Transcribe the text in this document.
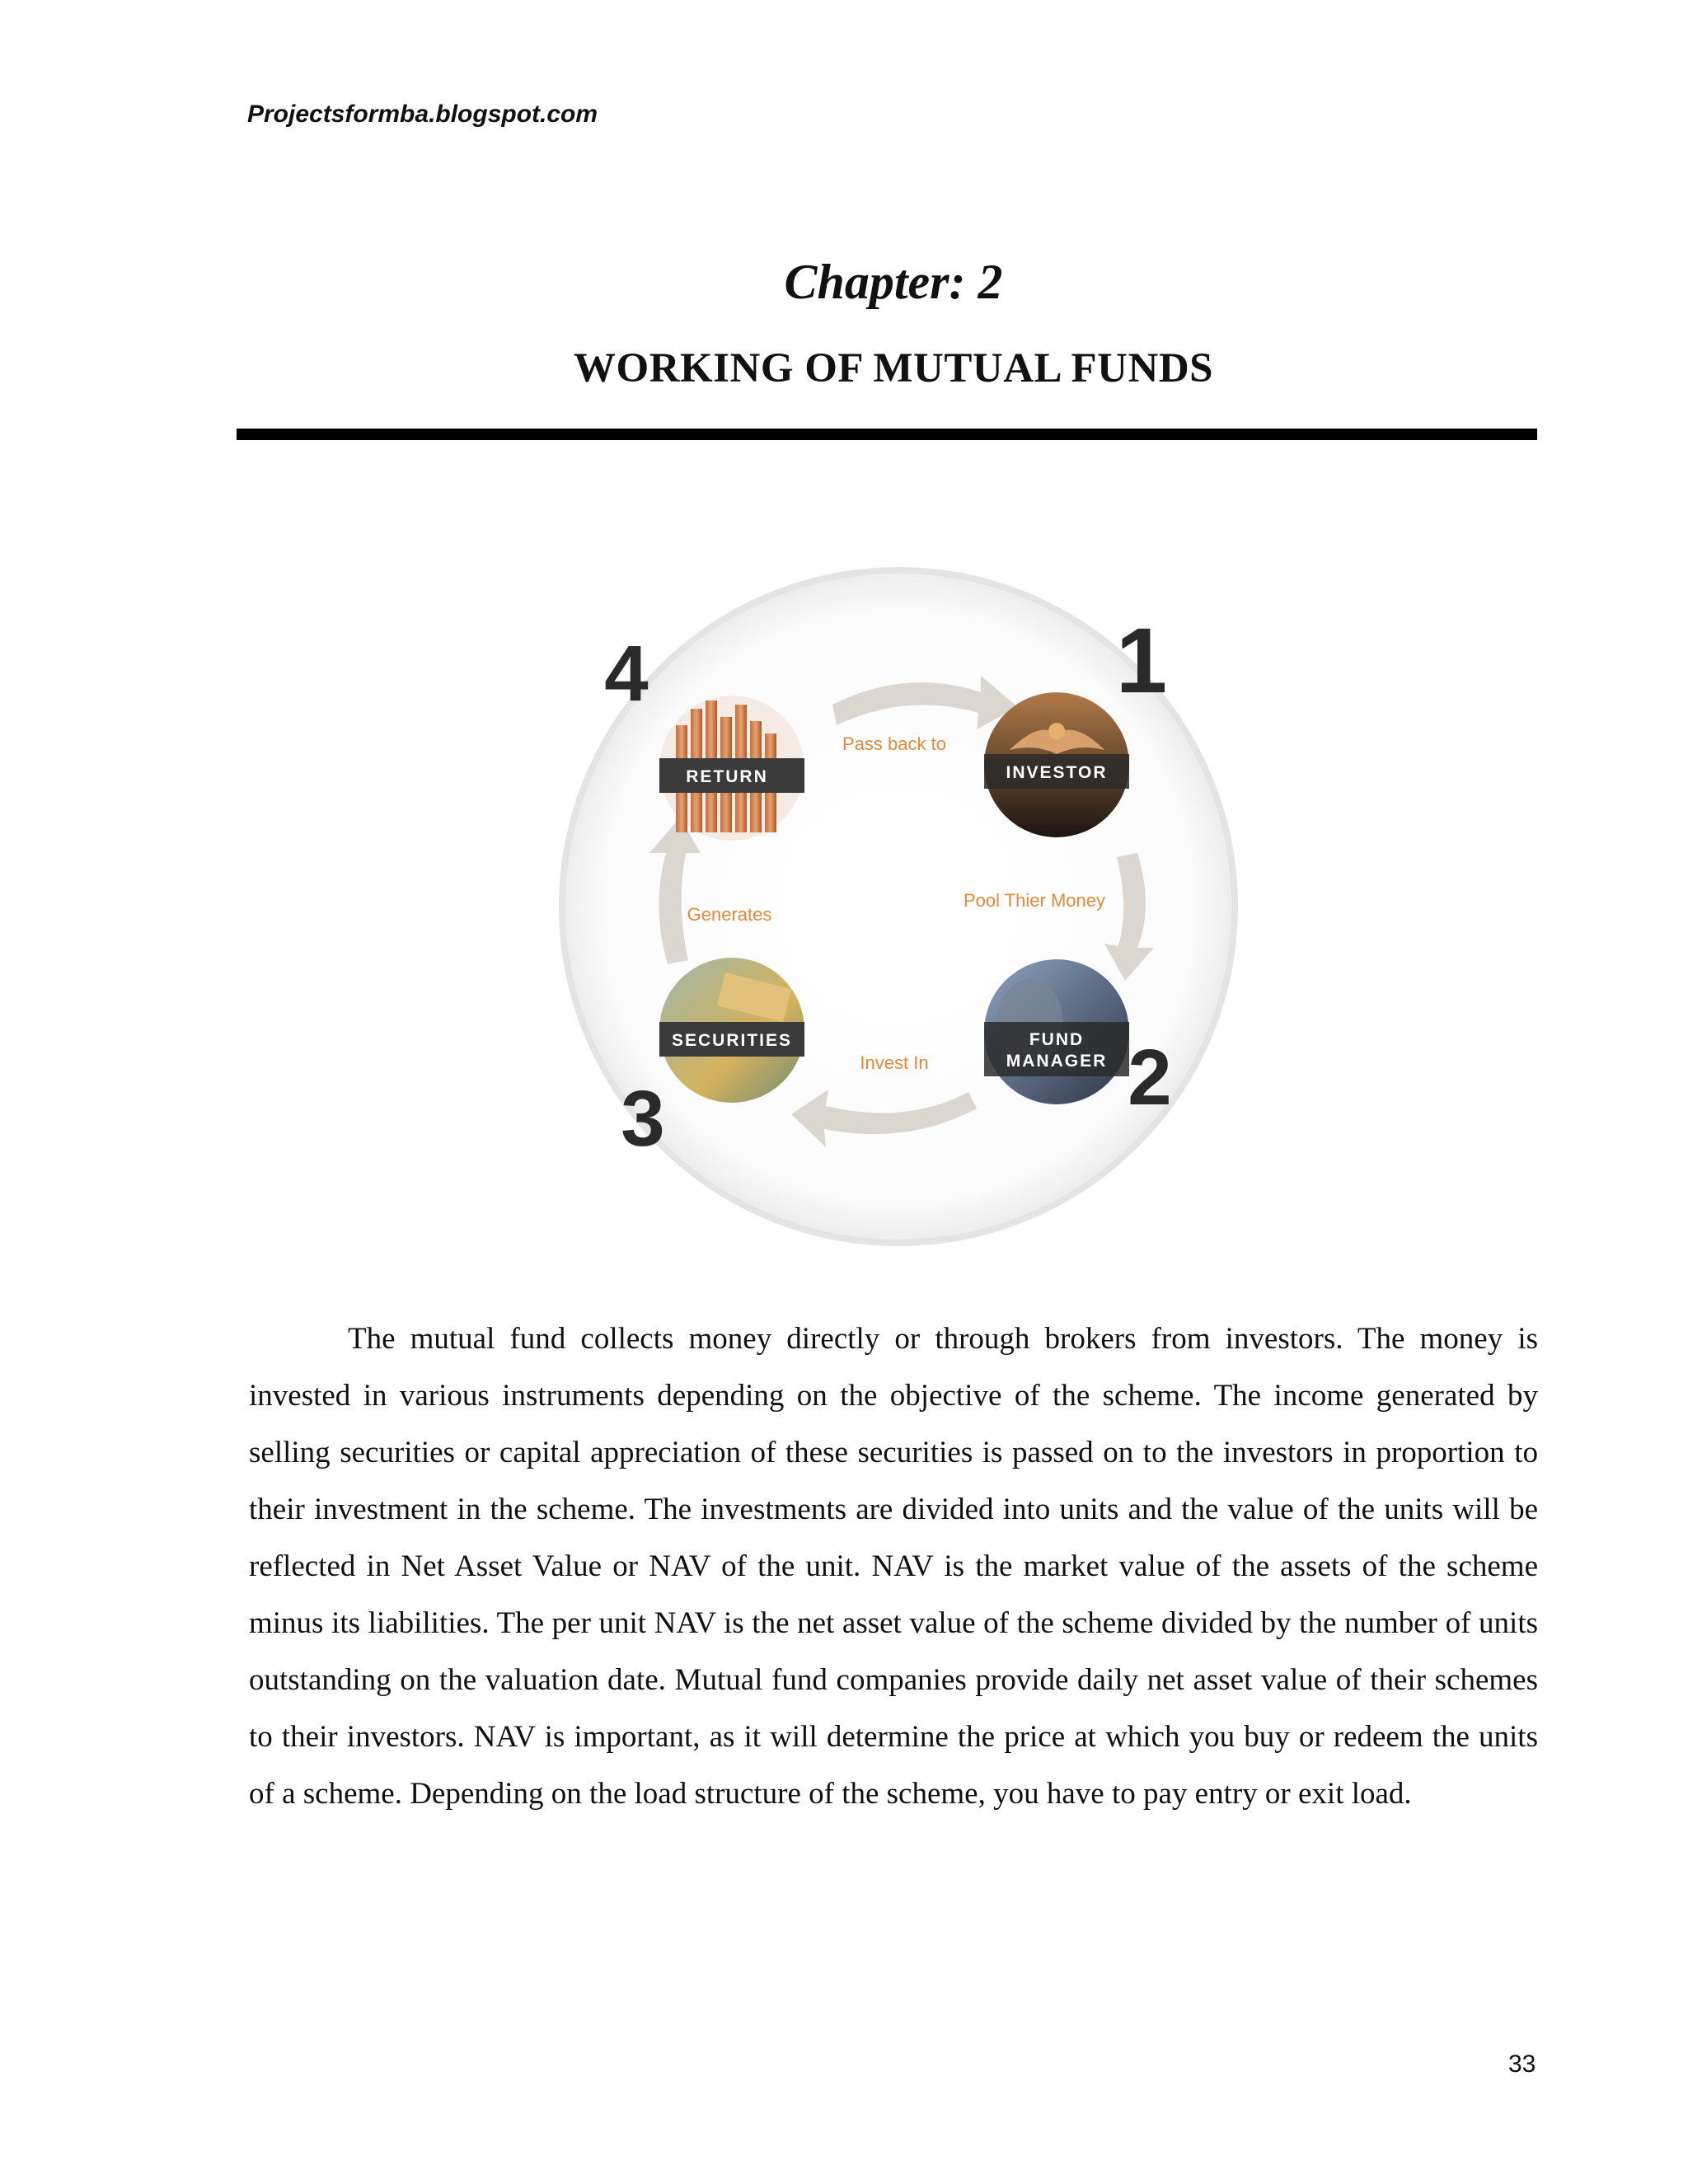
Projectsformba.blogspot.com
Chapter: 2
WORKING OF MUTUAL FUNDS
Pass back to
Pool Thier Money
Invest In
Generates
RETURN
4
INVESTOR
1
FUND
MANAGER 2
SECURITIES
3

The mutual fund collects money directly or through brokers from investors. The money is invested in various instruments depending on the objective of the scheme. The income generated by selling securities or capital appreciation of these securities is passed on to the investors in proportion to their investment in the scheme. The investments are divided into units and the value of the units will be reflected in Net Asset Value or NAV of the unit. NAV is the market value of the assets of the scheme minus its liabilities. The per unit NAV is the net asset value of the scheme divided by the number of units outstanding on the valuation date. Mutual fund companies provide daily net asset value of their schemes to their investors. NAV is important, as it will determine the price at which you buy or redeem the units of a scheme. Depending on the load structure of the scheme, you have to pay entry or exit load.

33
